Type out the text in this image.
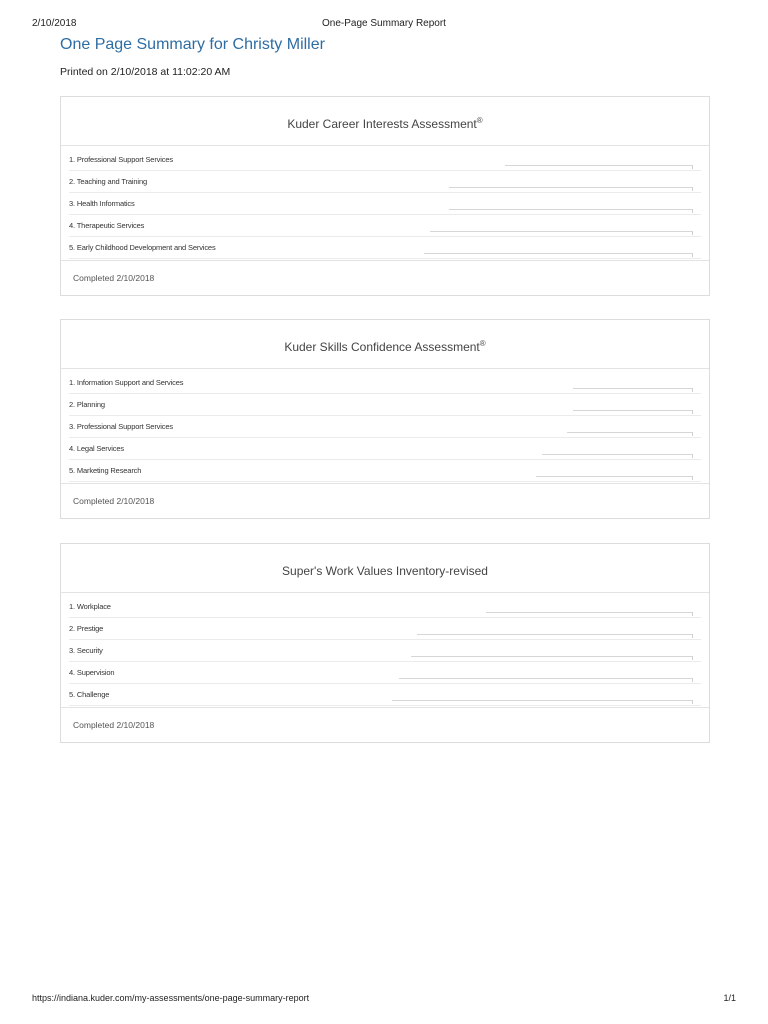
2/10/2018	One-Page Summary Report
One Page Summary for Christy Miller
Printed on 2/10/2018 at 11:02:20 AM
Kuder Career Interests Assessment®
1. Professional Support Services
2. Teaching and Training
3. Health Informatics
4. Therapeutic Services
5. Early Childhood Development and Services
Completed 2/10/2018
Kuder Skills Confidence Assessment®
1. Information Support and Services
2. Planning
3. Professional Support Services
4. Legal Services
5. Marketing Research
Completed 2/10/2018
Super's Work Values Inventory-revised
1. Workplace
2. Prestige
3. Security
4. Supervision
5. Challenge
Completed 2/10/2018
https://indiana.kuder.com/my-assessments/one-page-summary-report	1/1
